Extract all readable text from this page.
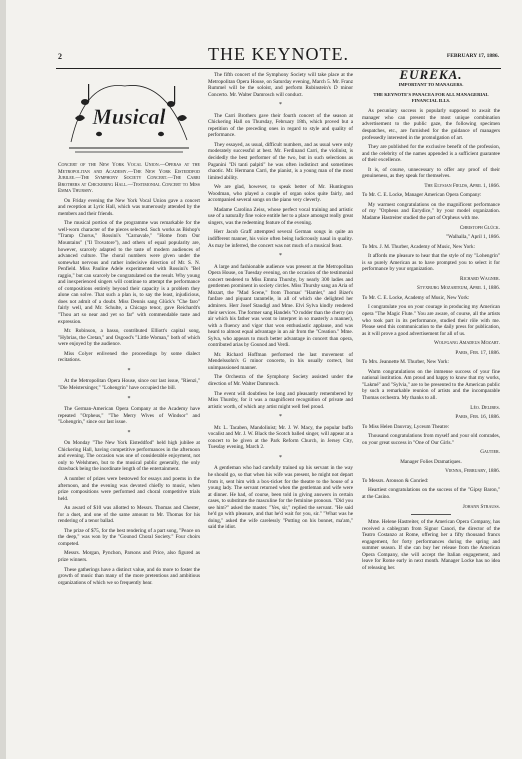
2	THE KEYNOTE.	FEBRUARY 17, 1886.
Musical

Concert of the New York Vocal Union.—Operas at the Metropolitan and Academy.—The New York Eisteddfod Jubilee.—The Symphony Society Concert.—The Carri Brothers at Chickering Hall.—Testimonial Concert to Miss Emma Thursby.

On Friday evening the New York Vocal Union gave a concert and reception at Lyric Hall, which was numerously attended by the members and their friends.

The musical portion of the programme was remarkable for the well-worn character of the pieces selected. Such works as Bishop's "Tramp Chorus," Rossini's "Carnavale," "Home from Our Mountains" ("Il Trovatore"), and others of equal popularity are, however, scarcely adapted to the taste of modern audiences of advanced culture. The choral numbers were given under the somewhat nervous and rather indecisive direction of Mr. S. N. Penfield. Miss Pauline Adele experimented with Rossini's "Bel raggio," but can scarcely be congratulated on the result. Why young and inexperienced singers will continue to attempt the performance of compositions entirely beyond their capacity is a problem they alone can solve. That such a plan is, to say the least, injudicious, does not admit of a doubt. Miss Dennis sang Glück's "Che faro" fairly well, and Mr. Schulte, a Chicago tenor, gave Reichardt's "Thou art so near and yet so far" with commendable taste and expression.

Mr. Robinson, a basso, contributed Elliott's capital song, "Hybrias, the Cretan," and Osgood's "Little Woman," both of which were enjoyed by the audience.

Miss Colyer enlivened the proceedings by some dialect recitations.

*

At the Metropolitan Opera House, since our last issue, "Rienzi," "Die Meistersinger," "Lohengrin" have occupied the bill.

*

The German-American Opera Company at the Academy have repeated "Orpheus," "The Merry Wives of Windsor" and "Lohengrin," since our last issue.

*

On Monday "The New York Eisteddfod" held high jubilee at Chickering Hall, having competitive performances in the afternoon and evening. The occasion was one of considerable enjoyment, not only to Welshmen, but to the musical public generally, the only drawback being the inordinate length of the entertainment.

A number of prizes were bestowed for essays and poems in the afternoon, and the evening was devoted chiefly to music, when prize compositions were performed and choral competitive trials held.

An award of $10 was allotted to Messrs. Thomas and Chester, for a duet, and one of the same amount to Mr. Thomas for his rendering of a tenor ballad.

The prize of $75, for the best rendering of a part song, "Peace on the deep," was won by the "Gounod Choral Society." Four choirs competed.

Messrs. Morgan, Pynchon, Parsons and Price, also figured as prize winners.

These gatherings have a distinct value, and do more to foster the growth of music than many of the more pretentious and ambitious organizations of which we so frequently hear.

The fifth concert of the Symphony Society will take place at the Metropolitan Opera House, on Saturday evening, March 5. Mr. Franz Rummel will be the soloist, and perform Rubinstein's D minor Concerto. Mr. Walter Damrosch will conduct.

*

The Carri Brothers gave their fourth concert of the season at Chickering Hall on Thursday, February 18th, which proved but a repetition of the preceding ones in regard to style and quality of performance.

They essayed, as usual, difficult numbers, and as usual were only moderately successful at best. Mr. Ferdinand Carri, the violinist, is decidedly the best performer of the two, but in such selections as Paganini "Di tanti palpiti" he was often indistinct and sometimes chaotic. Mr. Hermann Carri, the pianist, is a young man of the most limited ability.

We are glad, however, to speak better of Mr. Huntington Woodman, who played a couple of organ solos quite fairly, and accompanied several songs on the piano very cleverly.

Madame Carolina Zeiss, whose perfect vocal training and artistic use of a naturally fine voice entitle her to a place amongst really great singers, was the redeeming feature of the evening.

Herr Jacob Graff attempted several German songs in quite an indifferent manner, his voice often being ludicrously nasal in quality. As may be inferred, the concert was not much of a musical feast.

*

A large and fashionable audience was present at the Metropolitan Opera House, on Tuesday evening, on the occasion of the testimonial concert tendered to Miss Emma Thursby, by nearly 300 ladies and gentlemen prominent in society circles. Miss Thursby sang an Aria of Mozart, the "Mad Scene," from Thomas' "Hamlet," and Bizet's fanfare and piquant tarantelle, in all of which she delighted her admirers. Herr Josef Staudigl and Mme. Elvi Sylva kindly rendered their services. The former sang Handels "O rudder than the cherry (an air which his father was wont to interpret in so masterly a manner), with a fluency and vigor that won enthusiastic applause, and was heard to almost equal advantage in an air from the "Creation." Mme. Sylva, who appears to much better advantage in concert than opera, contributed arias by Gounod and Verdi.

Mr. Richard Hoffman performed the last movement of Mendelssohn's G minor concerto, in his usually correct, but unimpassioned manner.

The Orchestra of the Symphony Society assisted under the direction of Mr. Walter Damrosch.

The event will doubtless be long and pleasantly remembered by Miss Thursby, for it was a magnificent recognition of private and artistic worth, of which any artist might well feel proud.

*

Mr. L. Tacaben, Mandolinist; Mr. J. W. Macy, the popular buffo vocalist and Mr. J. W. Black the Scotch balled singer, will appear at a concert to be given at the Park Reform Church, in Jersey City, Tuesday evening, March 2.

*

A gentleman who had carefully trained up his servant in the way he should go, so that when his wife was present, he might not depart from it, sent him with a box-ticket for the theatre to the house of a young lady. The servant returned when the gentleman and wife were at dinner. He had, of course, been told in giving answers in certain cases, to substitute the masculine for the feminine pronoun. "Did you see him?" asked the master. "Yes, sir," replied the servant. "He said he'd go with pleasure, and that he'd wait for you, sir." "What was he doing," asked the wife carelessly "Putting on his bonnet, ma'am," said the idiot.

EUREKA.

IMPORTANT TO MANAGERS.

THE KEYNOTE'S PANACEA FOR ALL MANAGERIAL FINANCIAL ILLS.

As pecuniary success is popularly supposed to await the manager who can present the most unique combination advertisement to the public gaze, the following specimen despatches, etc., are furnished for the guidance of managers professedly interested in the promulgation of art.

They are published for the exclusive benefit of the profession, and the celebrity of the names appended is a sufficient guarantee of their excellence.

It is, of course, unnecessary to offer any proof of their genuineness, as they speak for themselves.

The Elysian Fields, April 1, 1866.

To Mr. C. E. Locke, Manager American Opera Company:

My warmest congratulations on the magnificent performance of my "Orpheus and Eurydice," by your model organization. Madame Hastreiter studied the part of Orpheus with me.

Christoph Glück.

"Walhalla," April 1, 1866.

To Mrs. J. M. Thurber, Academy of Music, New York:

It affords me pleasure to hear that the style of my "Lohengrin" is so purely American as to have prompted you to select it for performance by your organization.

Richard Wagner.

Styxburg Mozarteum, April 1, 1886.

To Mr. C. E. Locke, Academy of Music, New York:

I congratulate you on your courage in producing my American opera "The Magic Flute." You are aware, of course, all the artists who took part in its performance, studied their rôle with me. Please send this communication to the daily press for publication, as it will prove a good advertisement for all of us.

Wolfgang Amadeus Mozart.

Paris, Feb. 17, 1886.

To Mrs. Jeannette M. Thurber, New York:

Warm congratulations on the immense success of your fine national institution. Am proud and happy to know that my works, "Lakmé" and "Sylvia," are to be presented to the American public by such a remarkable reunion of artists and the incomparable Thomas orchestra. My thanks to all.

Léo. Delibes.

Paris, Feb. 16, 1886.

To Miss Helen Dauvray, Lyceum Theatre:

Thousand congratulations from myself and your old comrades, on your great success in "One of Our Girls."

Gautier.

Manager Folies Dramatiques.

Vienna, February, 1886.

To Messrs. Aronson & Conried:

Heartiest congratulations on the success of the "Gipsy Baron," at the Casino.

Johann Strauss.

Mme. Helene Hastreiter, of the American Opera Company, has received a cablegram from Signor Canori, the director of the Teatro Costanzo at Rome, offering her a fifty thousand francs engagement, for forty performances during the spring and summer season. If she can buy her release from the American Opera Company, she will accept the Italian engagement, and leave for Rome early in next month. Manager Locke has no idea of releasing her.
